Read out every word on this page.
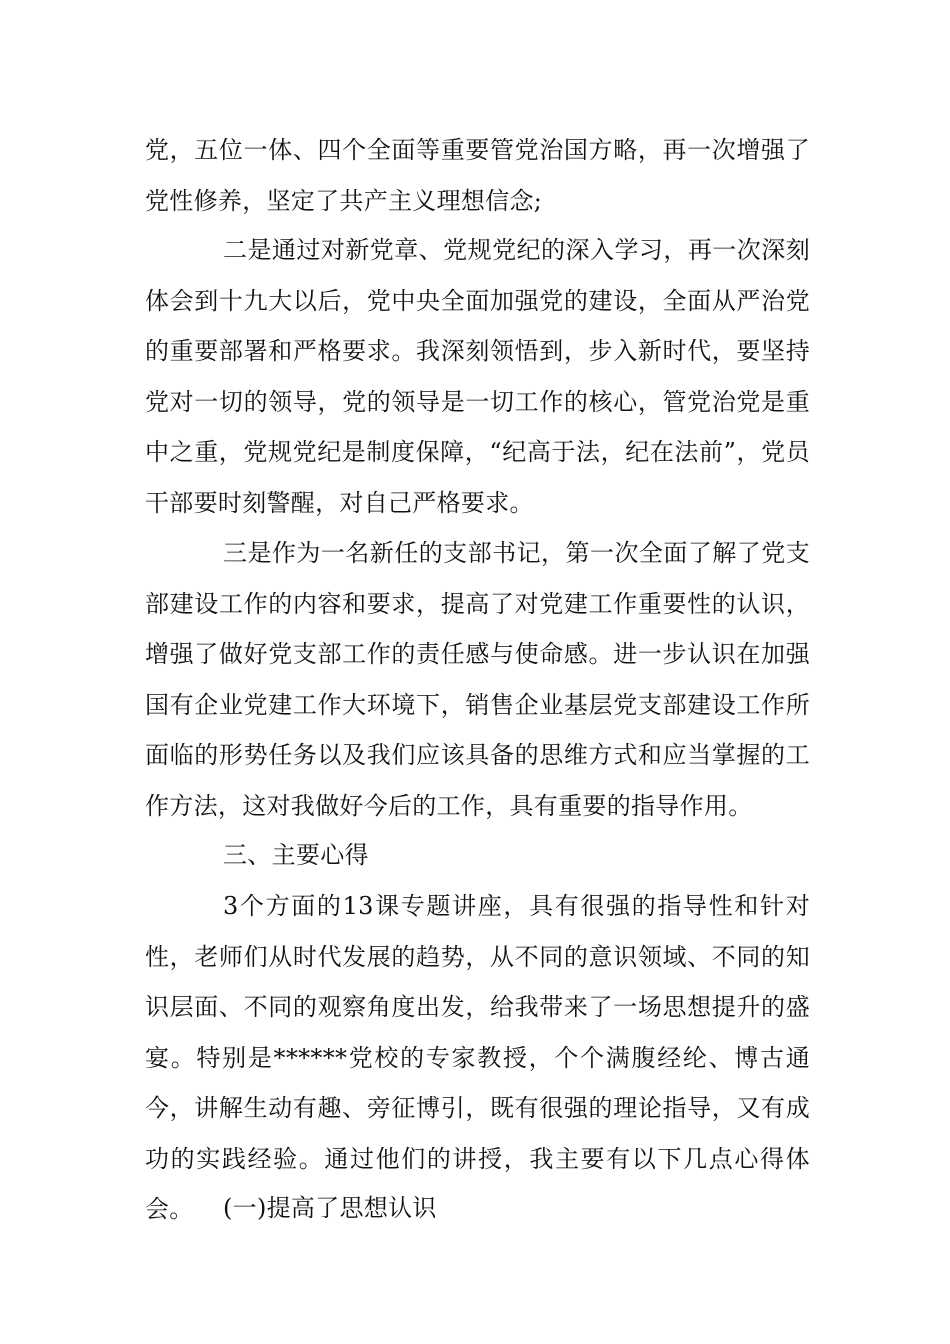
党，五位一体、四个全面等重要管党治国方略，再一次增强了党性修养，坚定了共产主义理想信念;
二是通过对新党章、党规党纪的深入学习，再一次深刻体会到十九大以后，党中央全面加强党的建设，全面从严治党的重要部署和严格要求。我深刻领悟到，步入新时代，要坚持党对一切的领导，党的领导是一切工作的核心，管党治党是重中之重，党规党纪是制度保障，“纪高于法，纪在法前”，党员干部要时刻警醒，对自己严格要求。
三是作为一名新任的支部书记，第一次全面了解了党支部建设工作的内容和要求，提高了对党建工作重要性的认识，增强了做好党支部工作的责任感与使命感。进一步认识在加强国有企业党建工作大环境下，销售企业基层党支部建设工作所面临的形势任务以及我们应该具备的思维方式和应当掌握的工作方法，这对我做好今后的工作，具有重要的指导作用。
三、主要心得
3个方面的13课专题讲座，具有很强的指导性和针对性，老师们从时代发展的趋势，从不同的意识领域、不同的知识层面、不同的观察角度出发，给我带来了一场思想提升的盛宴。特别是******党校的专家教授，个个满腹经纶、博古通今，讲解生动有趣、旁征博引，既有很强的理论指导，又有成功的实践经验。通过他们的讲授，我主要有以下几点心得体会。	(一)提高了思想认识
